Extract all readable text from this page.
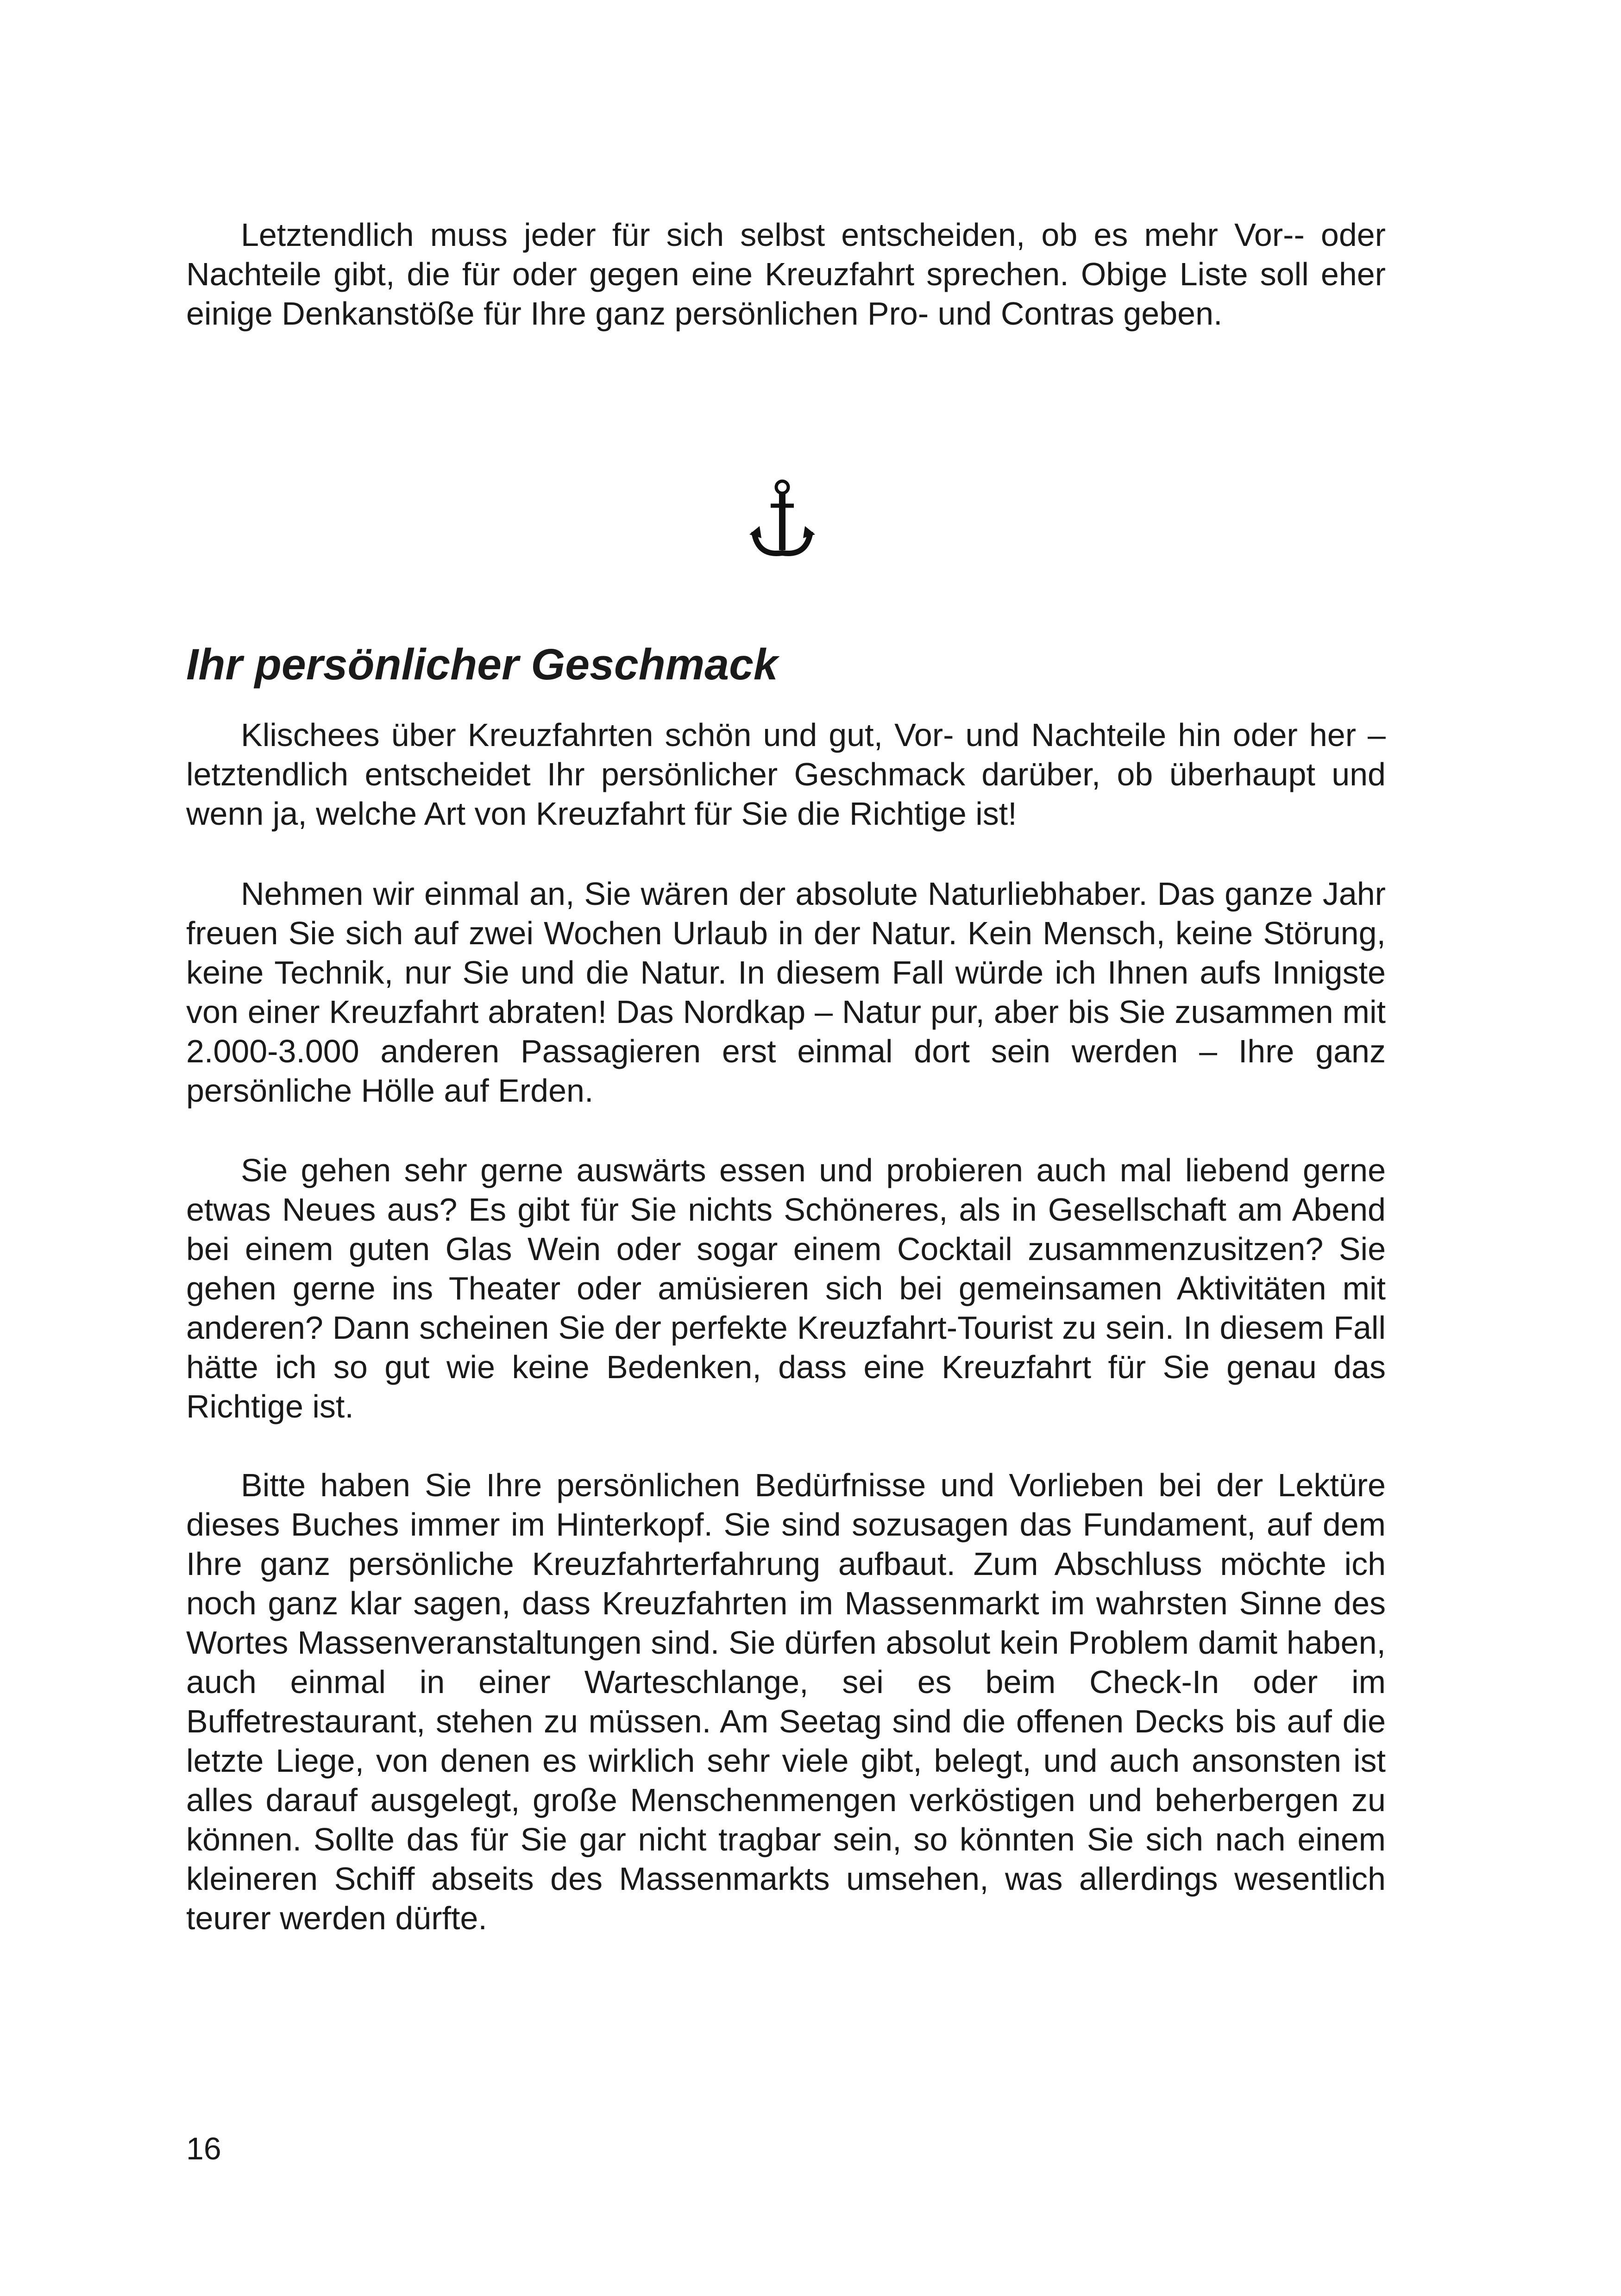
Letztendlich muss jeder für sich selbst entscheiden, ob es mehr Vor-- oder Nachteile gibt, die für oder gegen eine Kreuzfahrt sprechen. Obige Liste soll eher einige Denkanstöße für Ihre ganz persönlichen Pro- und Contras geben.

Ihr persönlicher Geschmack

Klischees über Kreuzfahrten schön und gut, Vor- und Nachteile hin oder her – letztendlich entscheidet Ihr persönlicher Geschmack darüber, ob überhaupt und wenn ja, welche Art von Kreuzfahrt für Sie die Richtige ist!

Nehmen wir einmal an, Sie wären der absolute Naturliebhaber. Das ganze Jahr freuen Sie sich auf zwei Wochen Urlaub in der Natur. Kein Mensch, keine Störung, keine Technik, nur Sie und die Natur. In diesem Fall würde ich Ihnen aufs Innigste von einer Kreuzfahrt abraten! Das Nordkap – Natur pur, aber bis Sie zusammen mit 2.000-3.000 anderen Passagieren erst einmal dort sein werden – Ihre ganz persönliche Hölle auf Erden.

Sie gehen sehr gerne auswärts essen und probieren auch mal liebend gerne etwas Neues aus? Es gibt für Sie nichts Schöneres, als in Gesellschaft am Abend bei einem guten Glas Wein oder sogar einem Cocktail zusammenzusitzen? Sie gehen gerne ins Theater oder amüsieren sich bei gemeinsamen Aktivitäten mit anderen? Dann scheinen Sie der perfekte Kreuzfahrt-Tourist zu sein. In diesem Fall hätte ich so gut wie keine Bedenken, dass eine Kreuzfahrt für Sie genau das Richtige ist.

Bitte haben Sie Ihre persönlichen Bedürfnisse und Vorlieben bei der Lektüre dieses Buches immer im Hinterkopf. Sie sind sozusagen das Fundament, auf dem Ihre ganz persönliche Kreuzfahrterfahrung aufbaut. Zum Abschluss möchte ich noch ganz klar sagen, dass Kreuzfahrten im Massenmarkt im wahrsten Sinne des Wortes Massenveranstaltungen sind. Sie dürfen absolut kein Problem damit haben, auch einmal in einer Warteschlange, sei es beim Check-In oder im Buffetrestaurant, stehen zu müssen. Am Seetag sind die offenen Decks bis auf die letzte Liege, von denen es wirklich sehr viele gibt, belegt, und auch ansonsten ist alles darauf ausgelegt, große Menschenmengen verköstigen und beherbergen zu können. Sollte das für Sie gar nicht tragbar sein, so könnten Sie sich nach einem kleineren Schiff abseits des Massenmarkts umsehen, was allerdings wesentlich teurer werden dürfte.

16
